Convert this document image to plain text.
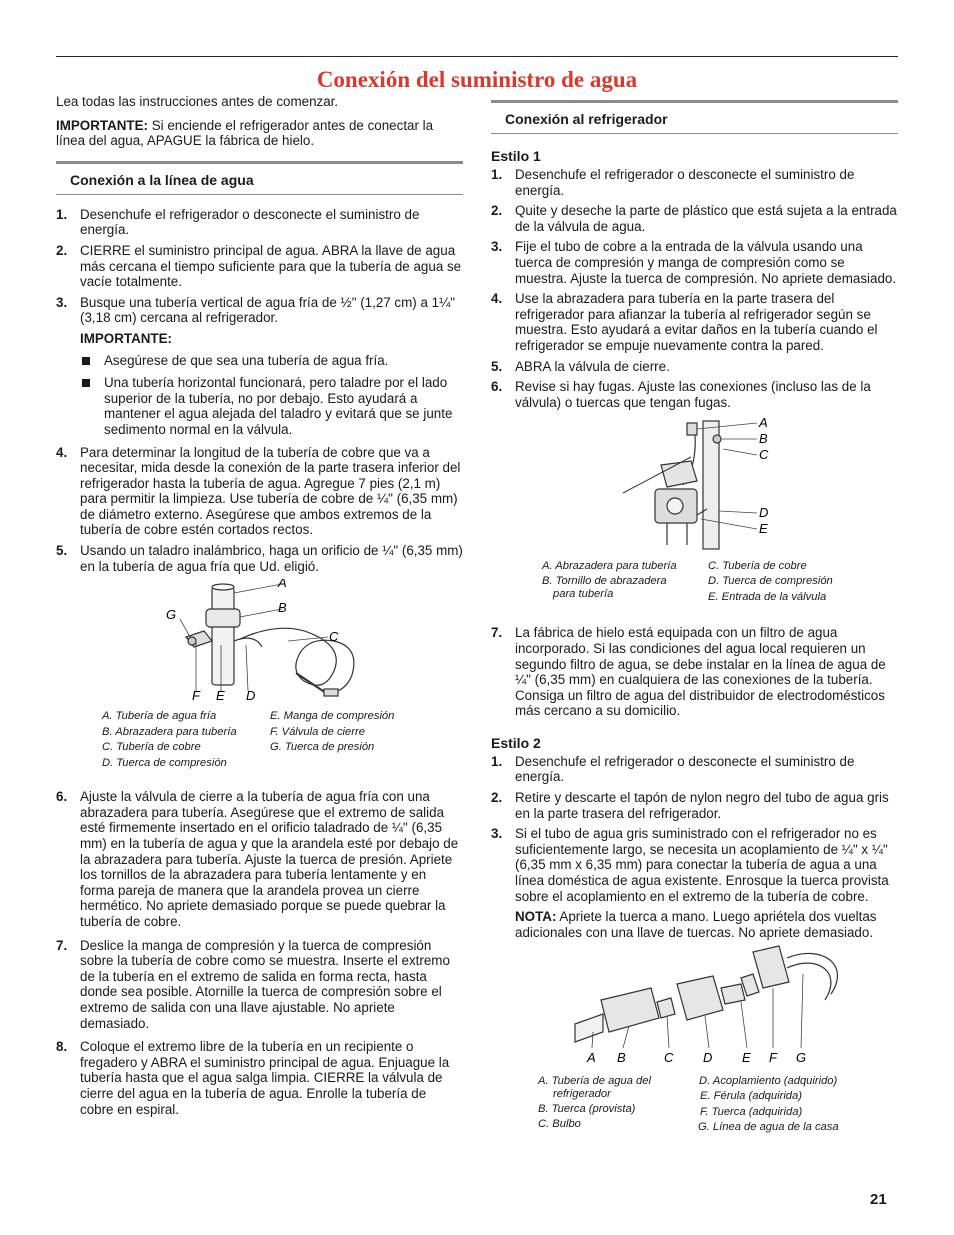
Conexión del suministro de agua

Lea todas las instrucciones antes de comenzar.

IMPORTANTE: Si enciende el refrigerador antes de conectar la línea del agua, APAGUE la fábrica de hielo.

Conexión a la línea de agua
1. Desenchufe el refrigerador o desconecte el suministro de energía.
2. CIERRE el suministro principal de agua. ABRA la llave de agua más cercana el tiempo suficiente para que la tubería de agua se vacíe totalmente.
3. Busque una tubería vertical de agua fría de ½" (1,27 cm) a 1¼" (3,18 cm) cercana al refrigerador.

IMPORTANTE:

Asegúrese de que sea una tubería de agua fría.
Una tubería horizontal funcionará, pero taladre por el lado superior de la tubería, no por debajo. Esto ayudará a mantener el agua alejada del taladro y evitará que se junte sedimento normal en la válvula.
4. Para determinar la longitud de la tubería de cobre que va a necesitar, mida desde la conexión de la parte trasera inferior del refrigerador hasta la tubería de agua. Agregue 7 pies (2,1 m) para permitir la limpieza. Use tubería de cobre de ¼" (6,35 mm) de diámetro externo. Asegúrese que ambos extremos de la tubería de cobre estén cortados rectos.
5. Usando un taladro inalámbrico, haga un orificio de ¼" (6,35 mm) en la tubería de agua fría que Ud. eligió.
A
B
C
G
F E D
A. Tubería de agua fría	E. Manga de compresión
B. Abrazadera para tubería	F. Válvula de cierre
C. Tubería de cobre	G. Tuerca de presión
D. Tuerca de compresión
6. Ajuste la válvula de cierre a la tubería de agua fría con una abrazadera para tubería. Asegúrese que el extremo de salida esté firmemente insertado en el orificio taladrado de ¼" (6,35 mm) en la tubería de agua y que la arandela esté por debajo de la abrazadera para tubería. Ajuste la tuerca de presión. Apriete los tornillos de la abrazadera para tubería lentamente y en forma pareja de manera que la arandela provea un cierre hermético. No apriete demasiado porque se puede quebrar la tubería de cobre.
7. Deslice la manga de compresión y la tuerca de compresión sobre la tubería de cobre como se muestra. Inserte el extremo de la tubería en el extremo de salida en forma recta, hasta donde sea posible. Atornille la tuerca de compresión sobre el extremo de salida con una llave ajustable. No apriete demasiado.
8. Coloque el extremo libre de la tubería en un recipiente o fregadero y ABRA el suministro principal de agua. Enjuague la tubería hasta que el agua salga limpia. CIERRE la válvula de cierre del agua en la tubería de agua. Enrolle la tubería de cobre en espiral.
Conexión al refrigerador
Estilo 1
1. Desenchufe el refrigerador o desconecte el suministro de energía.
2. Quite y deseche la parte de plástico que está sujeta a la entrada de la válvula de agua.
3. Fije el tubo de cobre a la entrada de la válvula usando una tuerca de compresión y manga de compresión como se muestra. Ajuste la tuerca de compresión. No apriete demasiado.
4. Use la abrazadera para tubería en la parte trasera del refrigerador para afianzar la tubería al refrigerador según se muestra. Esto ayudará a evitar daños en la tubería cuando el refrigerador se empuje nuevamente contra la pared.
5. ABRA la válvula de cierre.
6. Revise si hay fugas. Ajuste las conexiones (incluso las de la válvula) o tuercas que tengan fugas.
A
B
C
D
E
A. Abrazadera para tubería	C. Tubería de cobre
B. Tornillo de abrazadera	D. Tuerca de compresión
para tubería	E. Entrada de la válvula
7. La fábrica de hielo está equipada con un filtro de agua incorporado. Si las condiciones del agua local requieren un segundo filtro de agua, se debe instalar en la línea de agua de ¼" (6,35 mm) en cualquiera de las conexiones de la tubería. Consiga un filtro de agua del distribuidor de electrodomésticos más cercano a su domicilio.
Estilo 2
1. Desenchufe el refrigerador o desconecte el suministro de energía.
2. Retire y descarte el tapón de nylon negro del tubo de agua gris en la parte trasera del refrigerador.
3. Si el tubo de agua gris suministrado con el refrigerador no es suficientemente largo, se necesita un acoplamiento de ¼" x ¼" (6,35 mm x 6,35 mm) para conectar la tubería de agua a una línea doméstica de agua existente. Enrosque la tuerca provista sobre el acoplamiento en el extremo de la tubería de cobre.

NOTA: Apriete la tuerca a mano. Luego apriétela dos vueltas adicionales con una llave de tuercas. No apriete demasiado.

A B	C D E F G
A. Tubería de agua del	D. Acoplamiento (adquirido)
refrigerador	E. Férula (adquirida)
B. Tuerca (provista)	F. Tuerca (adquirida)
C. Bulbo	G. Línea de agua de la casa
21
